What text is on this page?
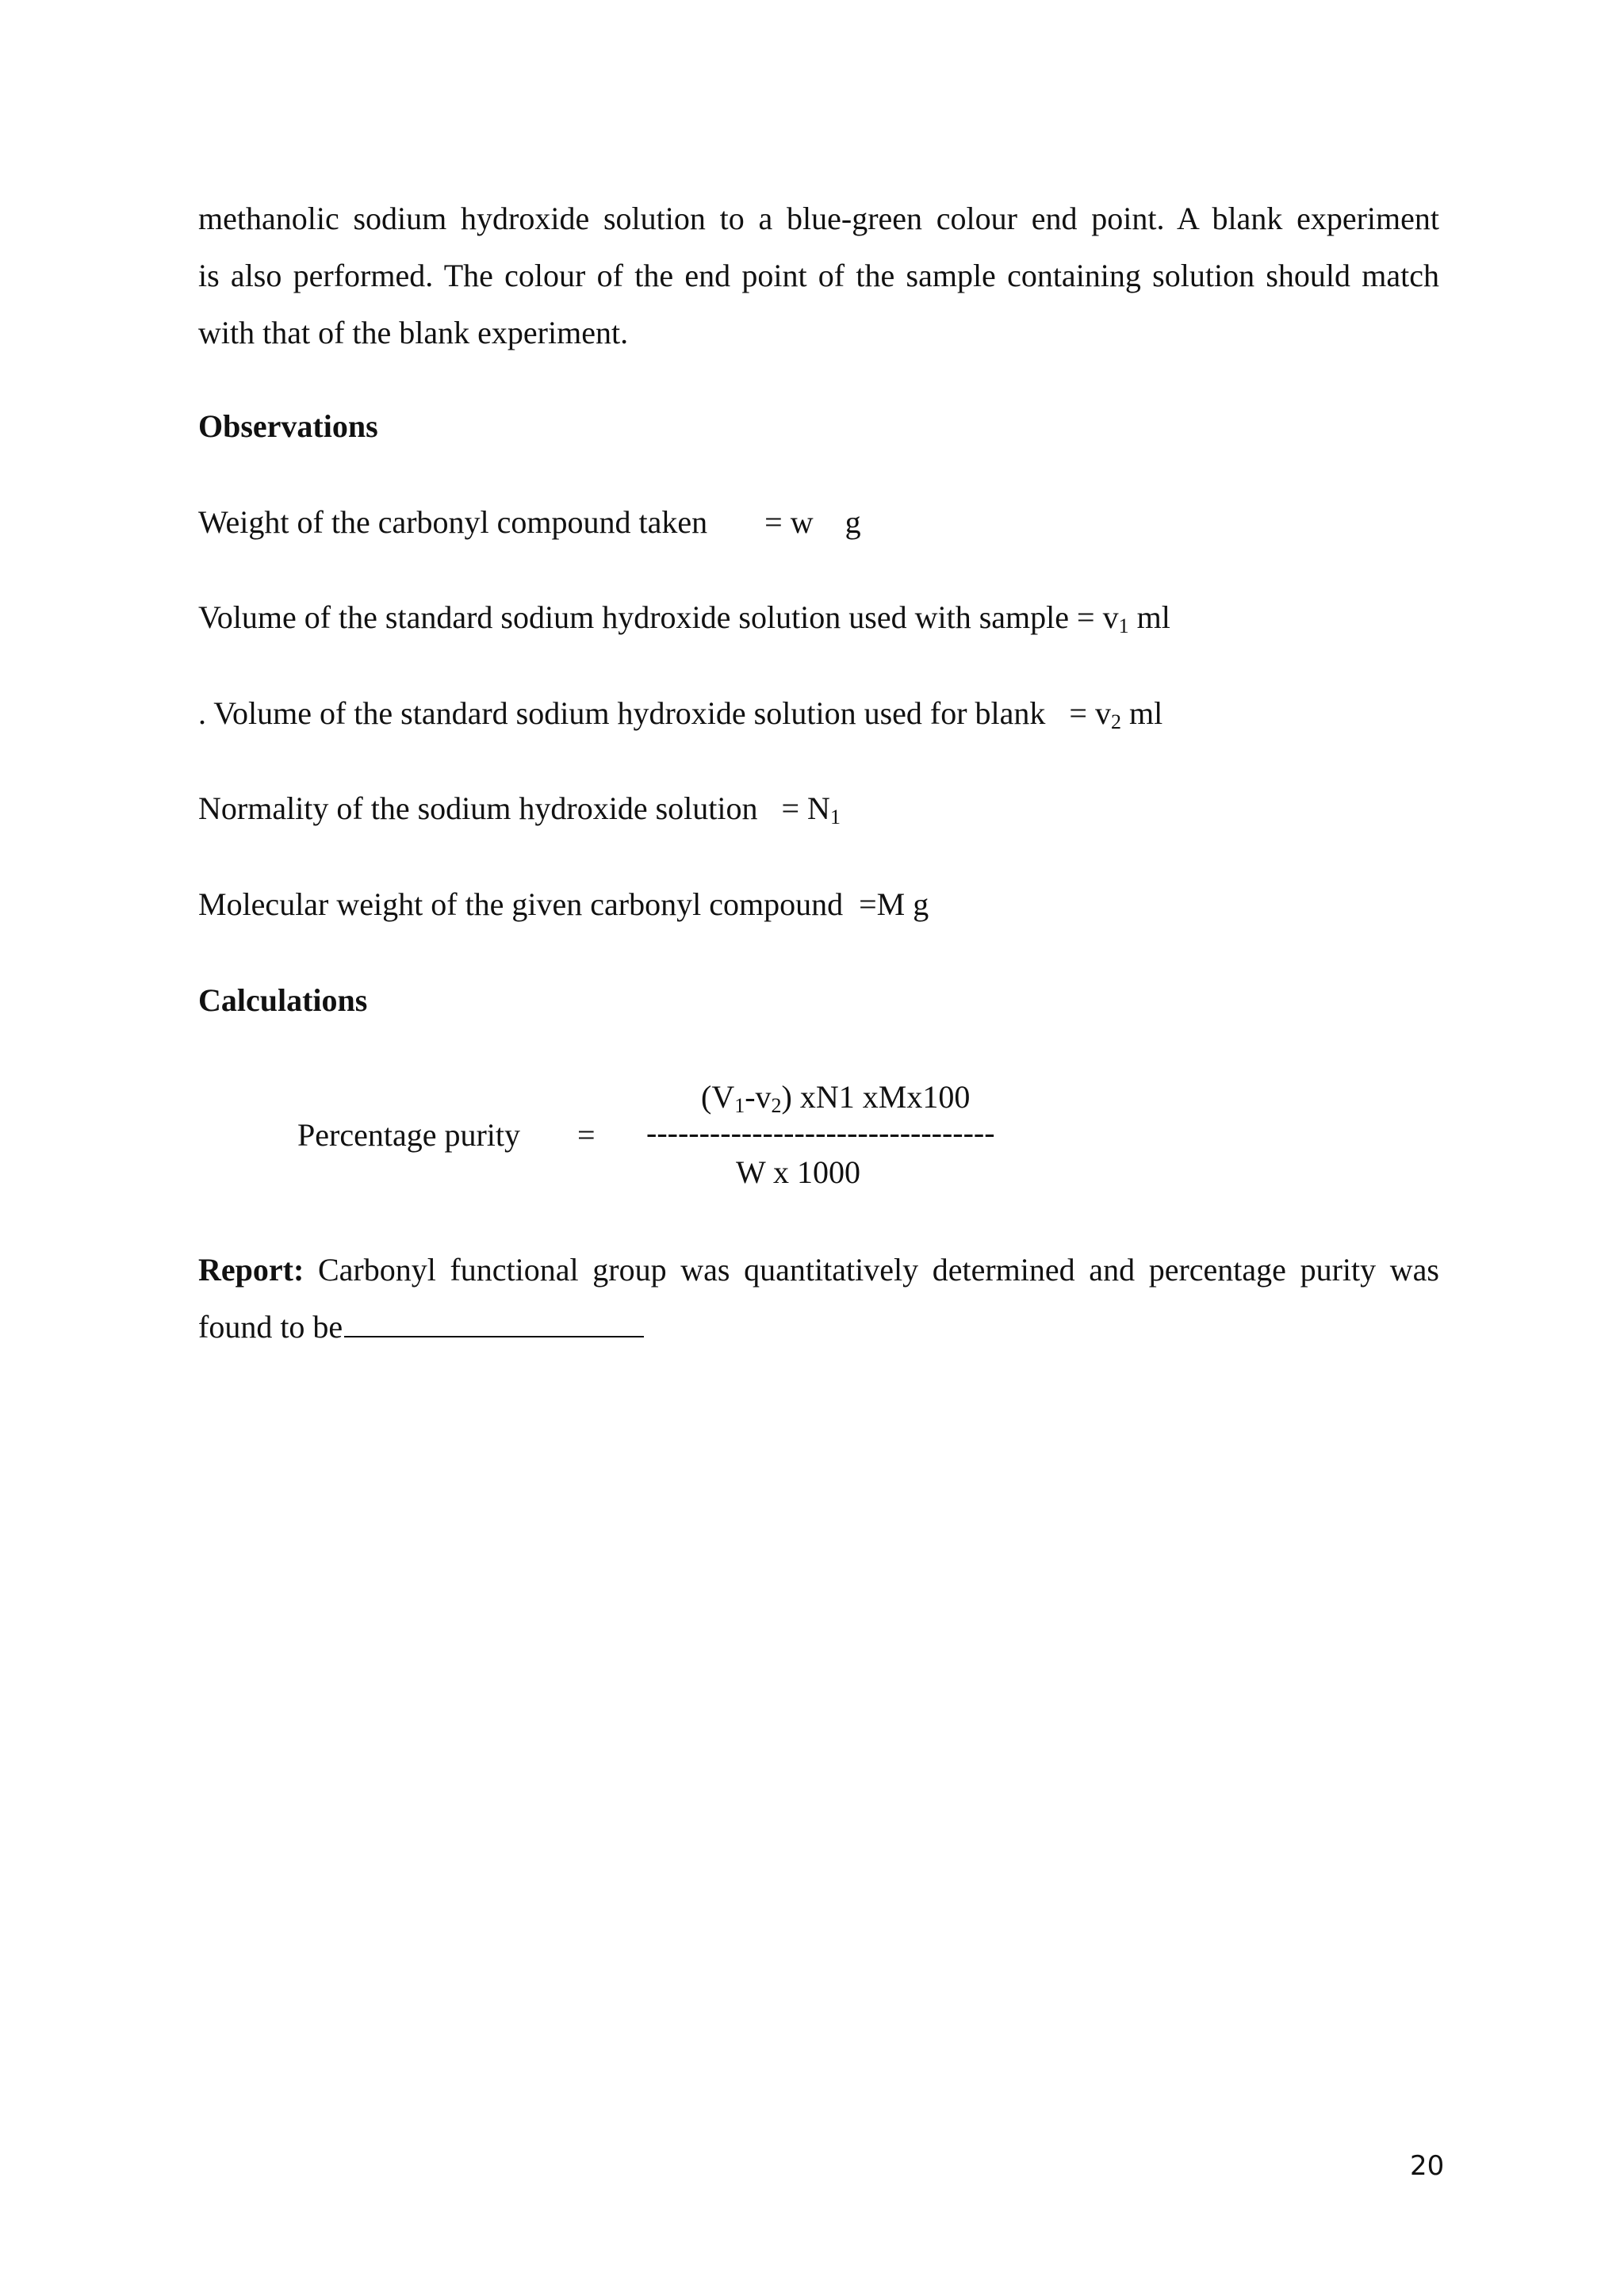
methanolic sodium hydroxide solution to a blue-green colour end point. A blank experiment
is also performed. The colour of the end point of the sample containing solution should match
with that of the blank experiment.

Observations

Weight of the carbonyl compound taken = w    g

Volume of the standard sodium hydroxide solution used with sample = $v_1$ ml

. Volume of the standard sodium hydroxide solution used for blank = $v_2$ ml

Normality of the sodium hydroxide solution = $N_1$

Molecular weight of the given carbonyl compound =M g

Calculations
Percentage purity =
$(V_1-v_2)$ xN1 xMx100
---------------------------------
W x 1000

Report: Carbonyl functional group was quantitatively determined and percentage purity was
found to be

20
